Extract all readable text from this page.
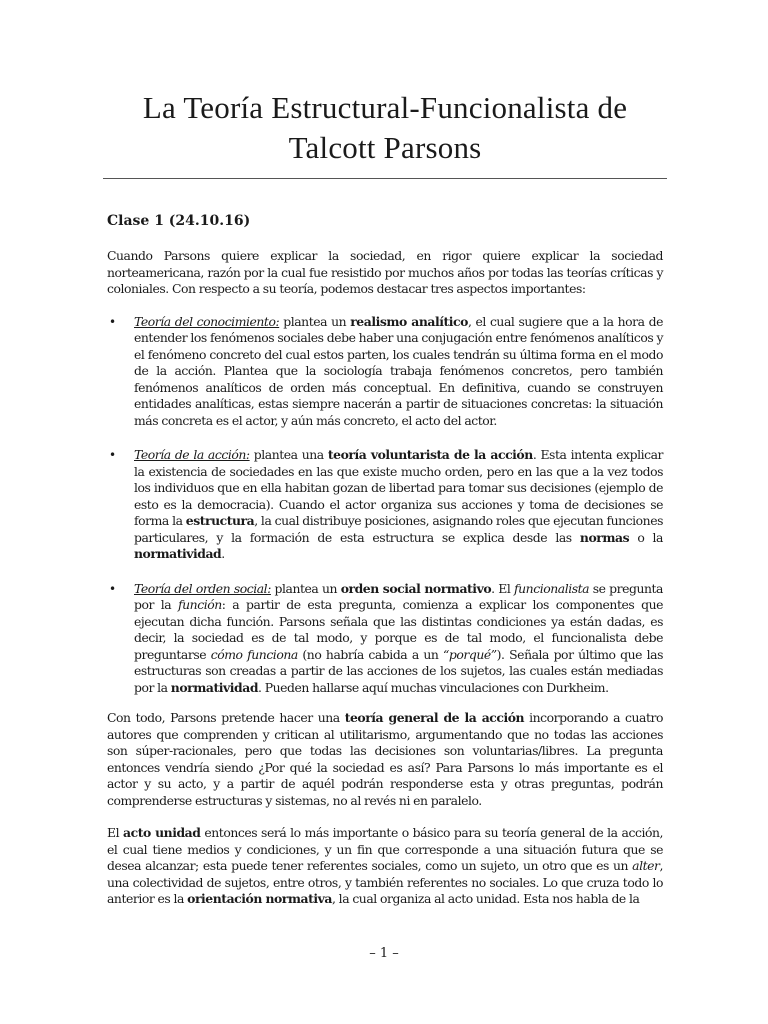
La Teoría Estructural-Funcionalista de
Talcott Parsons
Clase 1 (24.10.16)

Cuando Parsons quiere explicar la sociedad, en rigor quiere explicar la sociedad norteamericana, razón por la cual fue resistido por muchos años por todas las teorías críticas y coloniales. Con respecto a su teoría, podemos destacar tres aspectos importantes:

• Teoría del conocimiento: plantea un realismo analítico, el cual sugiere que a la hora de entender los fenómenos sociales debe haber una conjugación entre fenómenos analíticos y el fenómeno concreto del cual estos parten, los cuales tendrán su última forma en el modo de la acción. Plantea que la sociología trabaja fenómenos concretos, pero también fenómenos analíticos de orden más conceptual. En definitiva, cuando se construyen entidades analíticas, estas siempre nacerán a partir de situaciones concretas: la situación más concreta es el actor, y aún más concreto, el acto del actor.
• Teoría de la acción: plantea una teoría voluntarista de la acción. Esta intenta explicar la existencia de sociedades en las que existe mucho orden, pero en las que a la vez todos los individuos que en ella habitan gozan de libertad para tomar sus decisiones (ejemplo de esto es la democracia). Cuando el actor organiza sus acciones y toma de decisiones se forma la estructura, la cual distribuye posiciones, asignando roles que ejecutan funciones particulares, y la formación de esta estructura se explica desde las normas o la normatividad.
• Teoría del orden social: plantea un orden social normativo. El funcionalista se pregunta por la función: a partir de esta pregunta, comienza a explicar los componentes que ejecutan dicha función. Parsons señala que las distintas condiciones ya están dadas, es decir, la sociedad es de tal modo, y porque es de tal modo, el funcionalista debe preguntarse cómo funciona (no habría cabida a un “porqué”). Señala por último que las estructuras son creadas a partir de las acciones de los sujetos, las cuales están mediadas por la normatividad. Pueden hallarse aquí muchas vinculaciones con Durkheim.

Con todo, Parsons pretende hacer una teoría general de la acción incorporando a cuatro autores que comprenden y critican al utilitarismo, argumentando que no todas las acciones son súper-racionales, pero que todas las decisiones son voluntarias/libres. La pregunta entonces vendría siendo ¿Por qué la sociedad es así? Para Parsons lo más importante es el actor y su acto, y a partir de aquél podrán responderse esta y otras preguntas, podrán comprenderse estructuras y sistemas, no al revés ni en paralelo.

El acto unidad entonces será lo más importante o básico para su teoría general de la acción, el cual tiene medios y condiciones, y un fin que corresponde a una situación futura que se desea alcanzar; esta puede tener referentes sociales, como un sujeto, un otro que es un alter, una colectividad de sujetos, entre otros, y también referentes no sociales. Lo que cruza todo lo anterior es la orientación normativa, la cual organiza al acto unidad. Esta nos habla de la

– 1 –
